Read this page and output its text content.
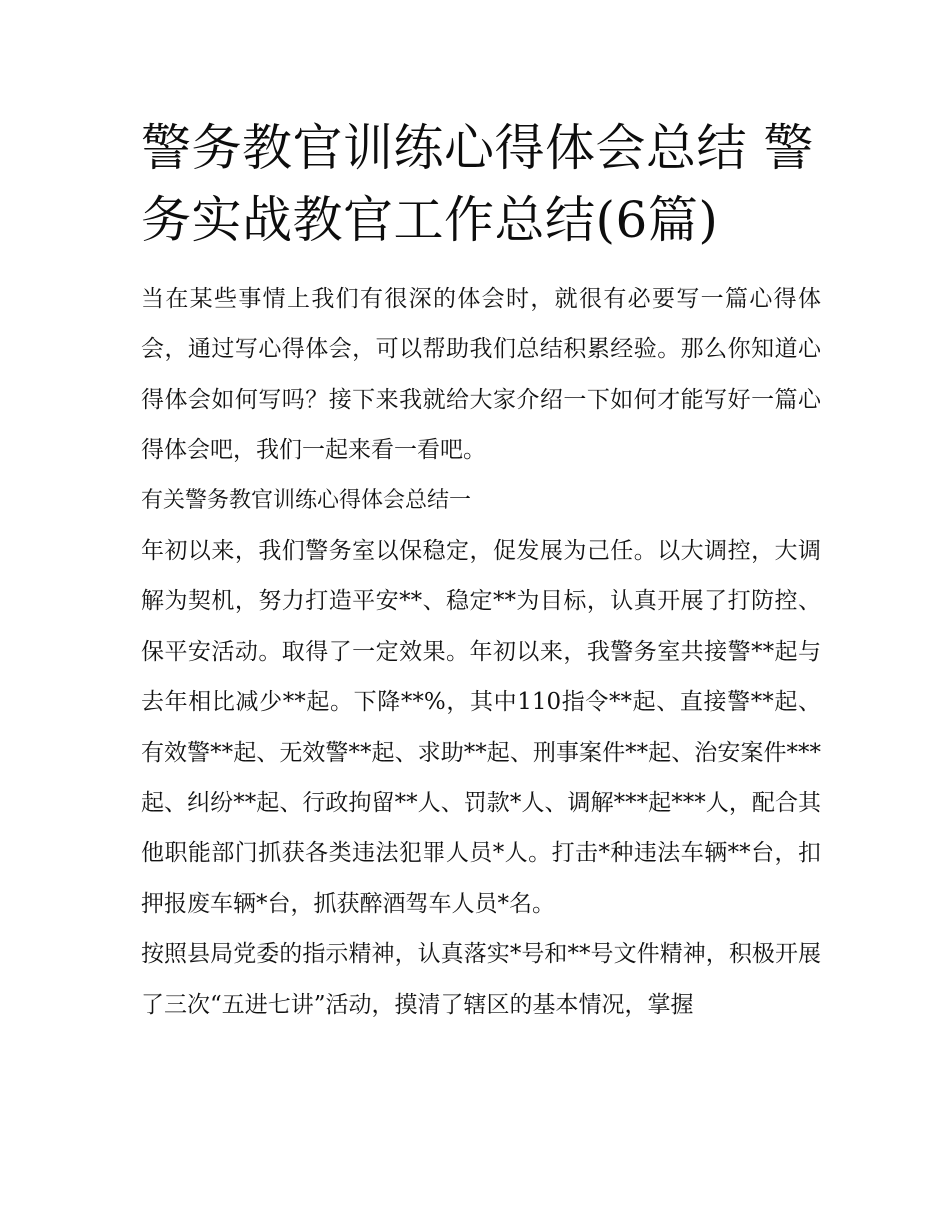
警务教官训练心得体会总结 警务实战教官工作总结(6篇)

当在某些事情上我们有很深的体会时，就很有必要写一篇心得体会，通过写心得体会，可以帮助我们总结积累经验。那么你知道心得体会如何写吗？接下来我就给大家介绍一下如何才能写好一篇心得体会吧，我们一起来看一看吧。

有关警务教官训练心得体会总结一

年初以来，我们警务室以保稳定，促发展为己任。以大调控，大调解为契机，努力打造平安**、稳定**为目标，认真开展了打防控、保平安活动。取得了一定效果。年初以来，我警务室共接警**起与去年相比减少**起。下降**%，其中110指令**起、直接警**起、有效警**起、无效警**起、求助**起、刑事案件**起、治安案件***起、纠纷**起、行政拘留**人、罚款*人、调解***起***人，配合其他职能部门抓获各类违法犯罪人员*人。打击*种违法车辆**台，扣押报废车辆*台，抓获醉酒驾车人员*名。

按照县局党委的指示精神，认真落实*号和**号文件精神，积极开展了三次“五进七讲”活动，摸清了辖区的基本情况，掌握
